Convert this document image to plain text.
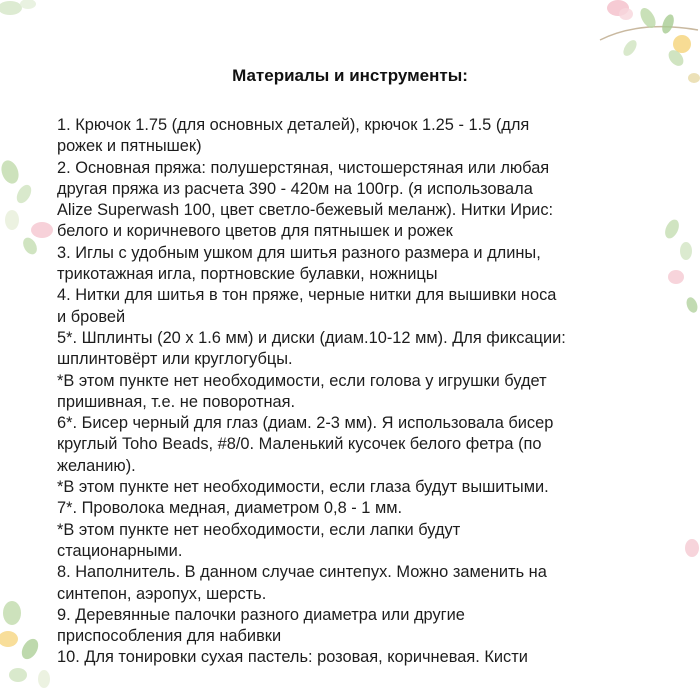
Материалы и инструменты:
1. Крючок 1.75 (для основных деталей), крючок 1.25 - 1.5 (для
рожек и пятнышек)
2. Основная пряжа: полушерстяная, чистошерстяная или любая
другая пряжа из расчета 390 - 420м на 100гр. (я использовала
Alize Superwash 100, цвет светло-бежевый меланж). Нитки Ирис:
белого и коричневого цветов для пятнышек и рожек
3. Иглы с удобным ушком для шитья разного размера и длины,
трикотажная игла, портновские булавки, ножницы
4. Нитки для шитья в тон пряже, черные нитки для вышивки носа
и бровей
5*. Шплинты (20 х 1.6 мм) и диски (диам.10-12 мм). Для фиксации:
шплинтовёрт или круглогубцы.
*В этом пункте нет необходимости, если голова у игрушки будет
пришивная, т.е. не поворотная.
6*. Бисер черный для глаз (диам. 2-3 мм). Я использовала бисер
круглый Toho Beads, #8/0. Маленький кусочек белого фетра (по
желанию).
*В этом пункте нет необходимости, если глаза будут вышитыми.
7*. Проволока медная, диаметром 0,8 - 1 мм.
*В этом пункте нет необходимости, если лапки будут
стационарными.
8. Наполнитель. В данном случае синтепух. Можно заменить на
синтепон, аэропух, шерсть.
9. Деревянные палочки разного диаметра или другие
приспособления для набивки
10. Для тонировки сухая пастель: розовая, коричневая. Кисти
